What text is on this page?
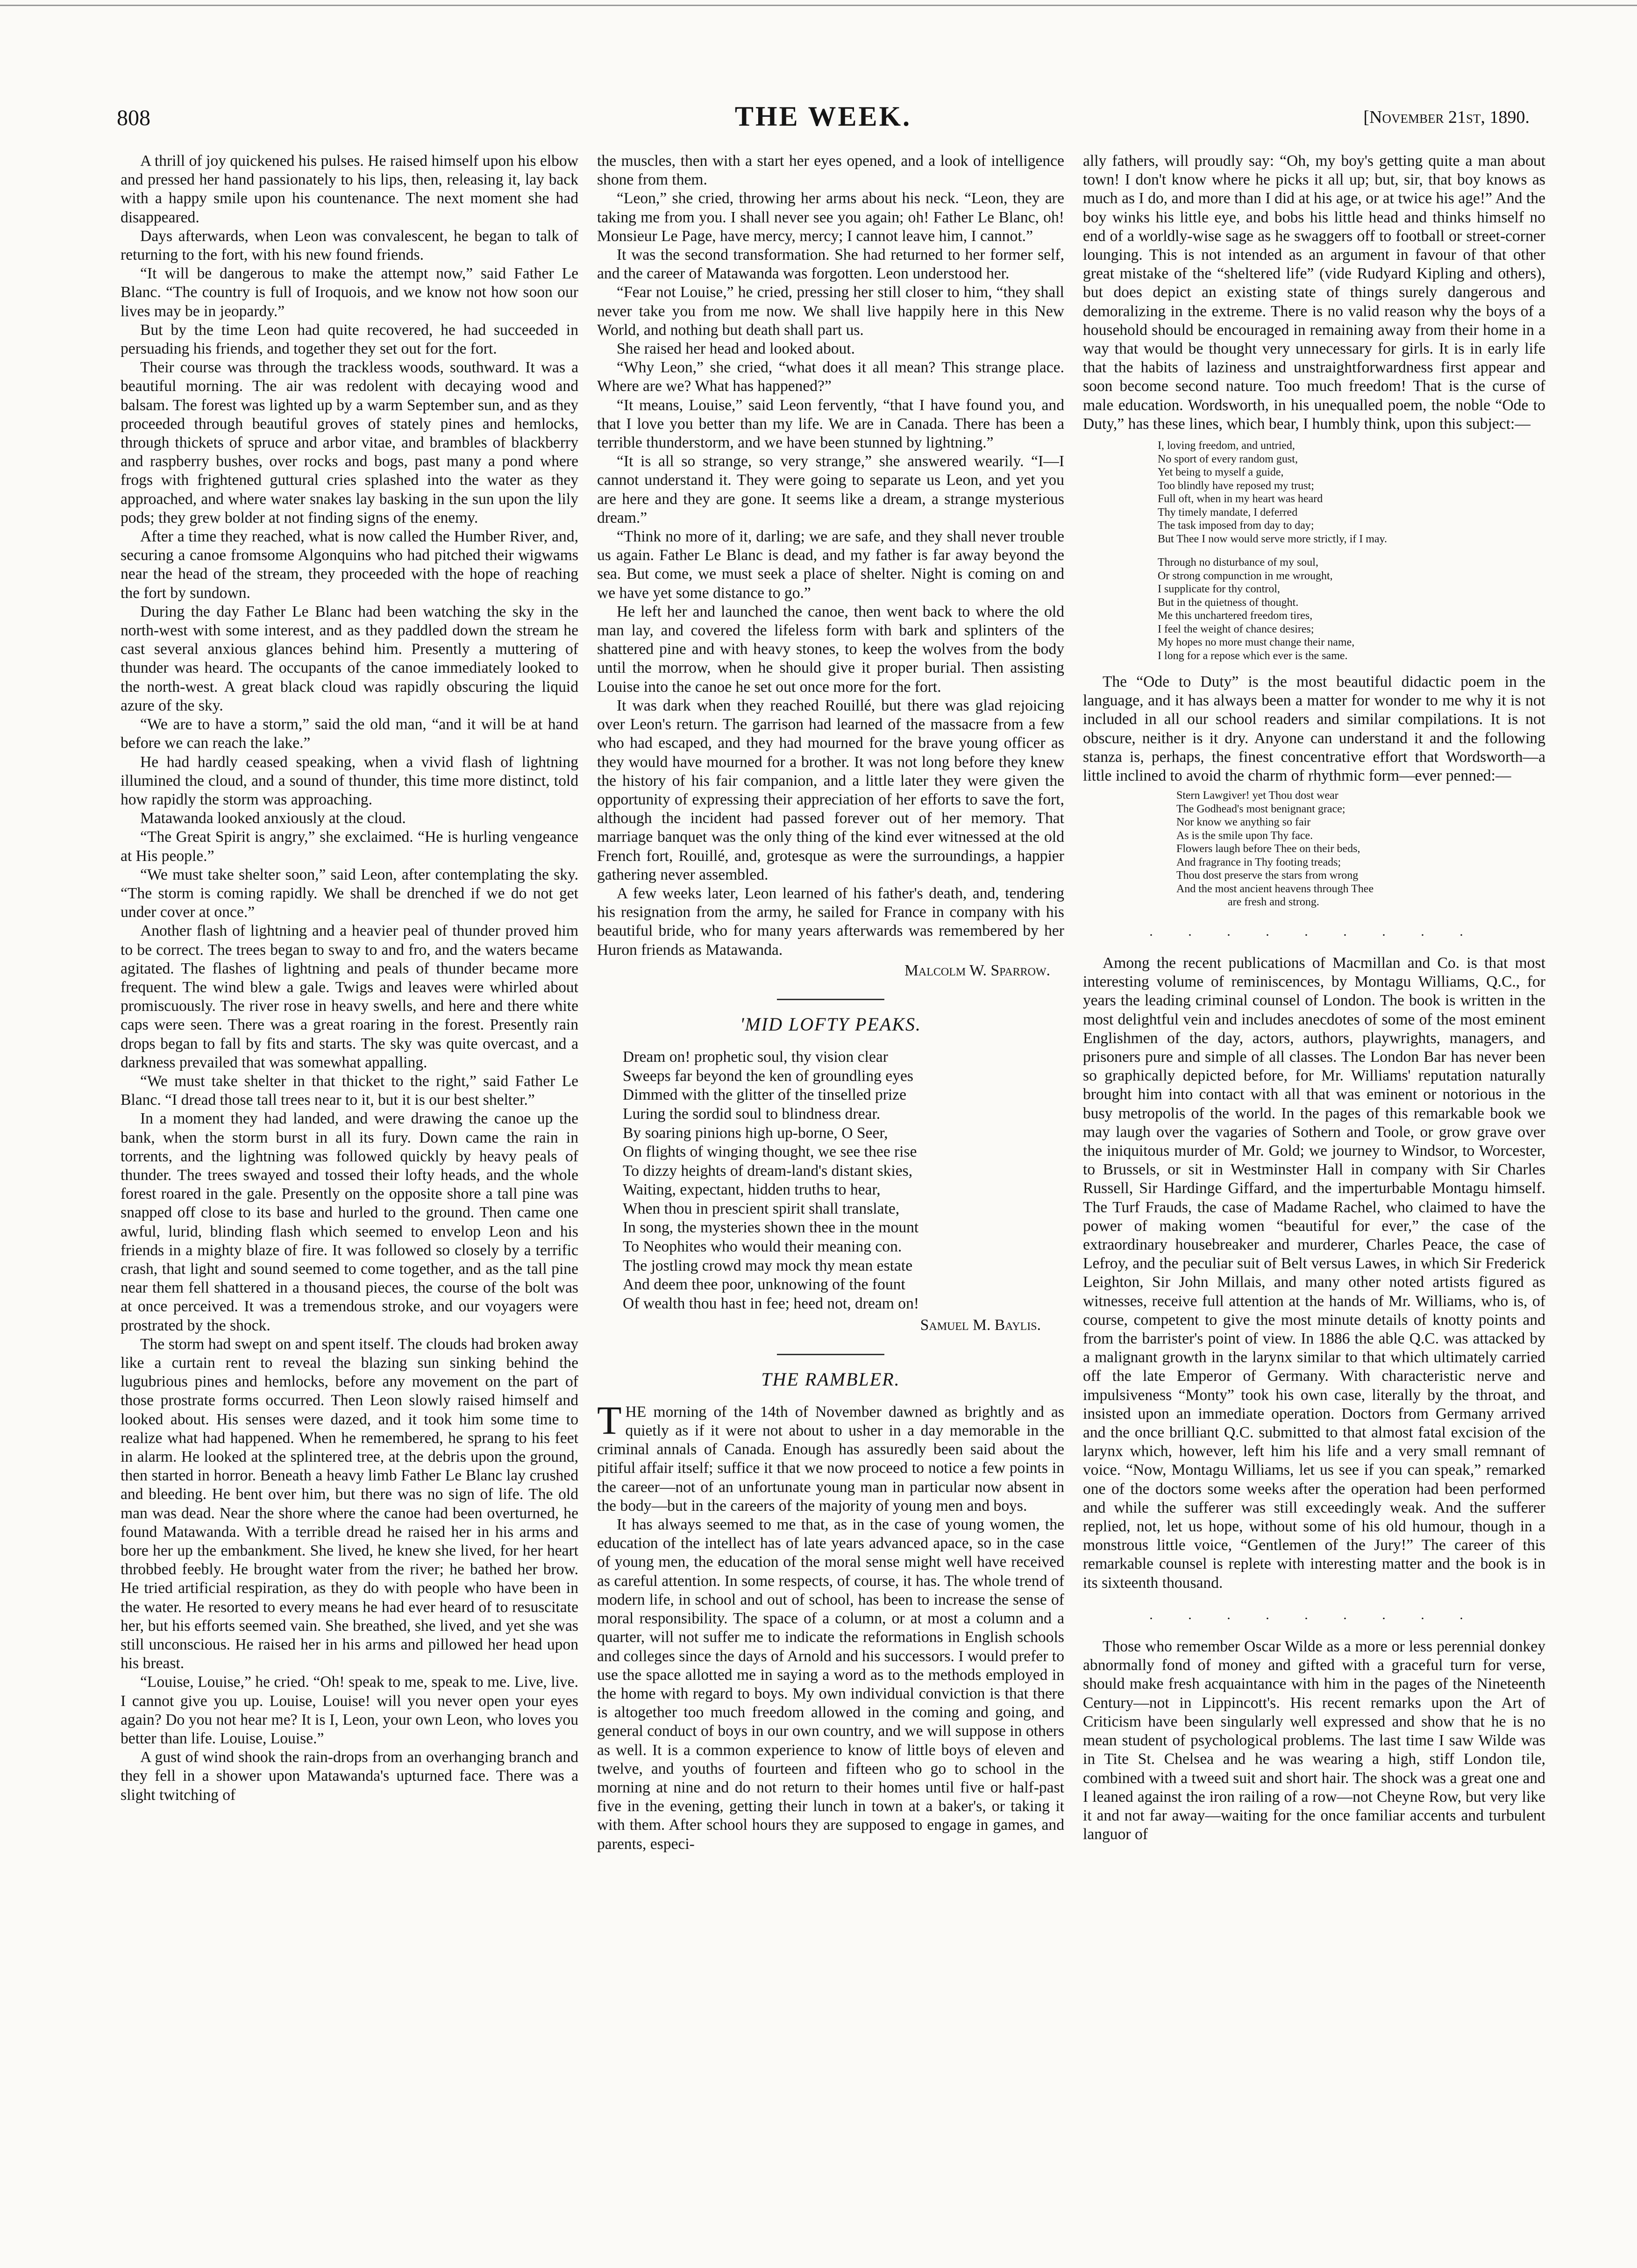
808	THE WEEK.	[November 21st, 1890.

A thrill of joy quickened his pulses. He raised himself upon his elbow and pressed her hand passionately to his lips, then, releasing it, lay back with a happy smile upon his countenance. The next moment she had disappeared.

Days afterwards, when Leon was convalescent, he began to talk of returning to the fort, with his new found friends.

“It will be dangerous to make the attempt now,” said Father Le Blanc. “The country is full of Iroquois, and we know not how soon our lives may be in jeopardy.”

But by the time Leon had quite recovered, he had succeeded in persuading his friends, and together they set out for the fort.

Their course was through the trackless woods, southward. It was a beautiful morning. The air was redolent with decaying wood and balsam. The forest was lighted up by a warm September sun, and as they proceeded through beautiful groves of stately pines and hemlocks, through thickets of spruce and arbor vitae, and brambles of blackberry and raspberry bushes, over rocks and bogs, past many a pond where frogs with frightened guttural cries splashed into the water as they approached, and where water snakes lay basking in the sun upon the lily pods; they grew bolder at not finding signs of the enemy.

After a time they reached, what is now called the Humber River, and, securing a canoe fromsome Algonquins who had pitched their wigwams near the head of the stream, they proceeded with the hope of reaching the fort by sundown.

During the day Father Le Blanc had been watching the sky in the north-west with some interest, and as they paddled down the stream he cast several anxious glances behind him. Presently a muttering of thunder was heard. The occupants of the canoe immediately looked to the north-west. A great black cloud was rapidly obscuring the liquid azure of the sky.

“We are to have a storm,” said the old man, “and it will be at hand before we can reach the lake.”

He had hardly ceased speaking, when a vivid flash of lightning illumined the cloud, and a sound of thunder, this time more distinct, told how rapidly the storm was approaching.

Matawanda looked anxiously at the cloud.

“The Great Spirit is angry,” she exclaimed. “He is hurling vengeance at His people.”

“We must take shelter soon,” said Leon, after contemplating the sky. “The storm is coming rapidly. We shall be drenched if we do not get under cover at once.”

Another flash of lightning and a heavier peal of thunder proved him to be correct. The trees began to sway to and fro, and the waters became agitated. The flashes of lightning and peals of thunder became more frequent. The wind blew a gale. Twigs and leaves were whirled about promiscuously. The river rose in heavy swells, and here and there white caps were seen. There was a great roaring in the forest. Presently rain drops began to fall by fits and starts. The sky was quite overcast, and a darkness prevailed that was somewhat appalling.

“We must take shelter in that thicket to the right,” said Father Le Blanc. “I dread those tall trees near to it, but it is our best shelter.”

In a moment they had landed, and were drawing the canoe up the bank, when the storm burst in all its fury. Down came the rain in torrents, and the lightning was followed quickly by heavy peals of thunder. The trees swayed and tossed their lofty heads, and the whole forest roared in the gale. Presently on the opposite shore a tall pine was snapped off close to its base and hurled to the ground. Then came one awful, lurid, blinding flash which seemed to envelop Leon and his friends in a mighty blaze of fire. It was followed so closely by a terrific crash, that light and sound seemed to come together, and as the tall pine near them fell shattered in a thousand pieces, the course of the bolt was at once perceived. It was a tremendous stroke, and our voyagers were prostrated by the shock.

The storm had swept on and spent itself. The clouds had broken away like a curtain rent to reveal the blazing sun sinking behind the lugubrious pines and hemlocks, before any movement on the part of those prostrate forms occurred. Then Leon slowly raised himself and looked about. His senses were dazed, and it took him some time to realize what had happened. When he remembered, he sprang to his feet in alarm. He looked at the splintered tree, at the debris upon the ground, then started in horror. Beneath a heavy limb Father Le Blanc lay crushed and bleeding. He bent over him, but there was no sign of life. The old man was dead. Near the shore where the canoe had been overturned, he found Matawanda. With a terrible dread he raised her in his arms and bore her up the embankment. She lived, he knew she lived, for her heart throbbed feebly. He brought water from the river; he bathed her brow. He tried artificial respiration, as they do with people who have been in the water. He resorted to every means he had ever heard of to resuscitate her, but his efforts seemed vain. She breathed, she lived, and yet she was still unconscious. He raised her in his arms and pillowed her head upon his breast.

“Louise, Louise,” he cried. “Oh! speak to me, speak to me. Live, live. I cannot give you up. Louise, Louise! will you never open your eyes again? Do you not hear me? It is I, Leon, your own Leon, who loves you better than life. Louise, Louise.”

A gust of wind shook the rain-drops from an overhanging branch and they fell in a shower upon Matawanda's upturned face. There was a slight twitching of

the muscles, then with a start her eyes opened, and a look of intelligence shone from them.

“Leon,” she cried, throwing her arms about his neck. “Leon, they are taking me from you. I shall never see you again; oh! Father Le Blanc, oh! Monsieur Le Page, have mercy, mercy; I cannot leave him, I cannot.”

It was the second transformation. She had returned to her former self, and the career of Matawanda was forgotten. Leon understood her.

“Fear not Louise,” he cried, pressing her still closer to him, “they shall never take you from me now. We shall live happily here in this New World, and nothing but death shall part us.

She raised her head and looked about.

“Why Leon,” she cried, “what does it all mean? This strange place. Where are we? What has happened?”

“It means, Louise,” said Leon fervently, “that I have found you, and that I love you better than my life. We are in Canada. There has been a terrible thunderstorm, and we have been stunned by lightning.”

“It is all so strange, so very strange,” she answered wearily. “I—I cannot understand it. They were going to separate us Leon, and yet you are here and they are gone. It seems like a dream, a strange mysterious dream.”

“Think no more of it, darling; we are safe, and they shall never trouble us again. Father Le Blanc is dead, and my father is far away beyond the sea. But come, we must seek a place of shelter. Night is coming on and we have yet some distance to go.”

He left her and launched the canoe, then went back to where the old man lay, and covered the lifeless form with bark and splinters of the shattered pine and with heavy stones, to keep the wolves from the body until the morrow, when he should give it proper burial. Then assisting Louise into the canoe he set out once more for the fort.

It was dark when they reached Rouillé, but there was glad rejoicing over Leon's return. The garrison had learned of the massacre from a few who had escaped, and they had mourned for the brave young officer as they would have mourned for a brother. It was not long before they knew the history of his fair companion, and a little later they were given the opportunity of expressing their appreciation of her efforts to save the fort, although the incident had passed forever out of her memory. That marriage banquet was the only thing of the kind ever witnessed at the old French fort, Rouillé, and, grotesque as were the surroundings, a happier gathering never assembled.

A few weeks later, Leon learned of his father's death, and, tendering his resignation from the army, he sailed for France in company with his beautiful bride, who for many years afterwards was remembered by her Huron friends as Matawanda.

Malcolm W. Sparrow.
'MID LOFTY PEAKS.
Dream on! prophetic soul, thy vision clear
Sweeps far beyond the ken of groundling eyes
Dimmed with the glitter of the tinselled prize
Luring the sordid soul to blindness drear.
By soaring pinions high up-borne, O Seer,
On flights of winging thought, we see thee rise
To dizzy heights of dream-land's distant skies,
Waiting, expectant, hidden truths to hear,
When thou in prescient spirit shall translate,
In song, the mysteries shown thee in the mount
To Neophites who would their meaning con.
The jostling crowd may mock thy mean estate
And deem thee poor, unknowing of the fount
Of wealth thou hast in fee; heed not, dream on!
Samuel M. Baylis.
THE RAMBLER.

THE morning of the 14th of November dawned as brightly and as quietly as if it were not about to usher in a day memorable in the criminal annals of Canada. Enough has assuredly been said about the pitiful affair itself; suffice it that we now proceed to notice a few points in the career—not of an unfortunate young man in particular now absent in the body—but in the careers of the majority of young men and boys.

It has always seemed to me that, as in the case of young women, the education of the intellect has of late years advanced apace, so in the case of young men, the education of the moral sense might well have received as careful attention. In some respects, of course, it has. The whole trend of modern life, in school and out of school, has been to increase the sense of moral responsibility. The space of a column, or at most a column and a quarter, will not suffer me to indicate the reformations in English schools and colleges since the days of Arnold and his successors. I would prefer to use the space allotted me in saying a word as to the methods employed in the home with regard to boys. My own individual conviction is that there is altogether too much freedom allowed in the coming and going, and general conduct of boys in our own country, and we will suppose in others as well. It is a common experience to know of little boys of eleven and twelve, and youths of fourteen and fifteen who go to school in the morning at nine and do not return to their homes until five or half-past five in the evening, getting their lunch in town at a baker's, or taking it with them. After school hours they are supposed to engage in games, and parents, especi-

ally fathers, will proudly say: “Oh, my boy's getting quite a man about town! I don't know where he picks it all up; but, sir, that boy knows as much as I do, and more than I did at his age, or at twice his age!” And the boy winks his little eye, and bobs his little head and thinks himself no end of a worldly-wise sage as he swaggers off to football or street-corner lounging. This is not intended as an argument in favour of that other great mistake of the “sheltered life” (vide Rudyard Kipling and others), but does depict an existing state of things surely dangerous and demoralizing in the extreme. There is no valid reason why the boys of a household should be encouraged in remaining away from their home in a way that would be thought very unnecessary for girls. It is in early life that the habits of laziness and unstraightforwardness first appear and soon become second nature. Too much freedom! That is the curse of male education. Wordsworth, in his unequalled poem, the noble “Ode to Duty,” has these lines, which bear, I humbly think, upon this subject:—

I, loving freedom, and untried,
No sport of every random gust,
Yet being to myself a guide,
Too blindly have reposed my trust;
Full oft, when in my heart was heard
Thy timely mandate, I deferred
The task imposed from day to day;
But Thee I now would serve more strictly, if I may.
Through no disturbance of my soul,
Or strong compunction in me wrought,
I supplicate for thy control,
But in the quietness of thought.
Me this unchartered freedom tires,
I feel the weight of chance desires;
My hopes no more must change their name,
I long for a repose which ever is the same.

The “Ode to Duty” is the most beautiful didactic poem in the language, and it has always been a matter for wonder to me why it is not included in all our school readers and similar compilations. It is not obscure, neither is it dry. Anyone can understand it and the following stanza is, perhaps, the finest concentrative effort that Wordsworth—a little inclined to avoid the charm of rhythmic form—ever penned:—

Stern Lawgiver! yet Thou dost wear
The Godhead's most benignant grace;
Nor know we anything so fair
As is the smile upon Thy face.
Flowers laugh before Thee on their beds,
And fragrance in Thy footing treads;
Thou dost preserve the stars from wrong
And the most ancient heavens through Thee
are fresh and strong.
. . . . . . . . .

Among the recent publications of Macmillan and Co. is that most interesting volume of reminiscences, by Montagu Williams, Q.C., for years the leading criminal counsel of London. The book is written in the most delightful vein and includes anecdotes of some of the most eminent Englishmen of the day, actors, authors, playwrights, managers, and prisoners pure and simple of all classes. The London Bar has never been so graphically depicted before, for Mr. Williams' reputation naturally brought him into contact with all that was eminent or notorious in the busy metropolis of the world. In the pages of this remarkable book we may laugh over the vagaries of Sothern and Toole, or grow grave over the iniquitous murder of Mr. Gold; we journey to Windsor, to Worcester, to Brussels, or sit in Westminster Hall in company with Sir Charles Russell, Sir Hardinge Giffard, and the imperturbable Montagu himself. The Turf Frauds, the case of Madame Rachel, who claimed to have the power of making women “beautiful for ever,” the case of the extraordinary housebreaker and murderer, Charles Peace, the case of Lefroy, and the peculiar suit of Belt versus Lawes, in which Sir Frederick Leighton, Sir John Millais, and many other noted artists figured as witnesses, receive full attention at the hands of Mr. Williams, who is, of course, competent to give the most minute details of knotty points and from the barrister's point of view. In 1886 the able Q.C. was attacked by a malignant growth in the larynx similar to that which ultimately carried off the late Emperor of Germany. With characteristic nerve and impulsiveness “Monty” took his own case, literally by the throat, and insisted upon an immediate operation. Doctors from Germany arrived and the once brilliant Q.C. submitted to that almost fatal excision of the larynx which, however, left him his life and a very small remnant of voice. “Now, Montagu Williams, let us see if you can speak,” remarked one of the doctors some weeks after the operation had been performed and while the sufferer was still exceedingly weak. And the sufferer replied, not, let us hope, without some of his old humour, though in a monstrous little voice, “Gentlemen of the Jury!” The career of this remarkable counsel is replete with interesting matter and the book is in its sixteenth thousand.

. . . . . . . . .

Those who remember Oscar Wilde as a more or less perennial donkey abnormally fond of money and gifted with a graceful turn for verse, should make fresh acquaintance with him in the pages of the Nineteenth Century—not in Lippincott's. His recent remarks upon the Art of Criticism have been singularly well expressed and show that he is no mean student of psychological problems. The last time I saw Wilde was in Tite St. Chelsea and he was wearing a high, stiff London tile, combined with a tweed suit and short hair. The shock was a great one and I leaned against the iron railing of a row—not Cheyne Row, but very like it and not far away—waiting for the once familiar accents and turbulent languor of
